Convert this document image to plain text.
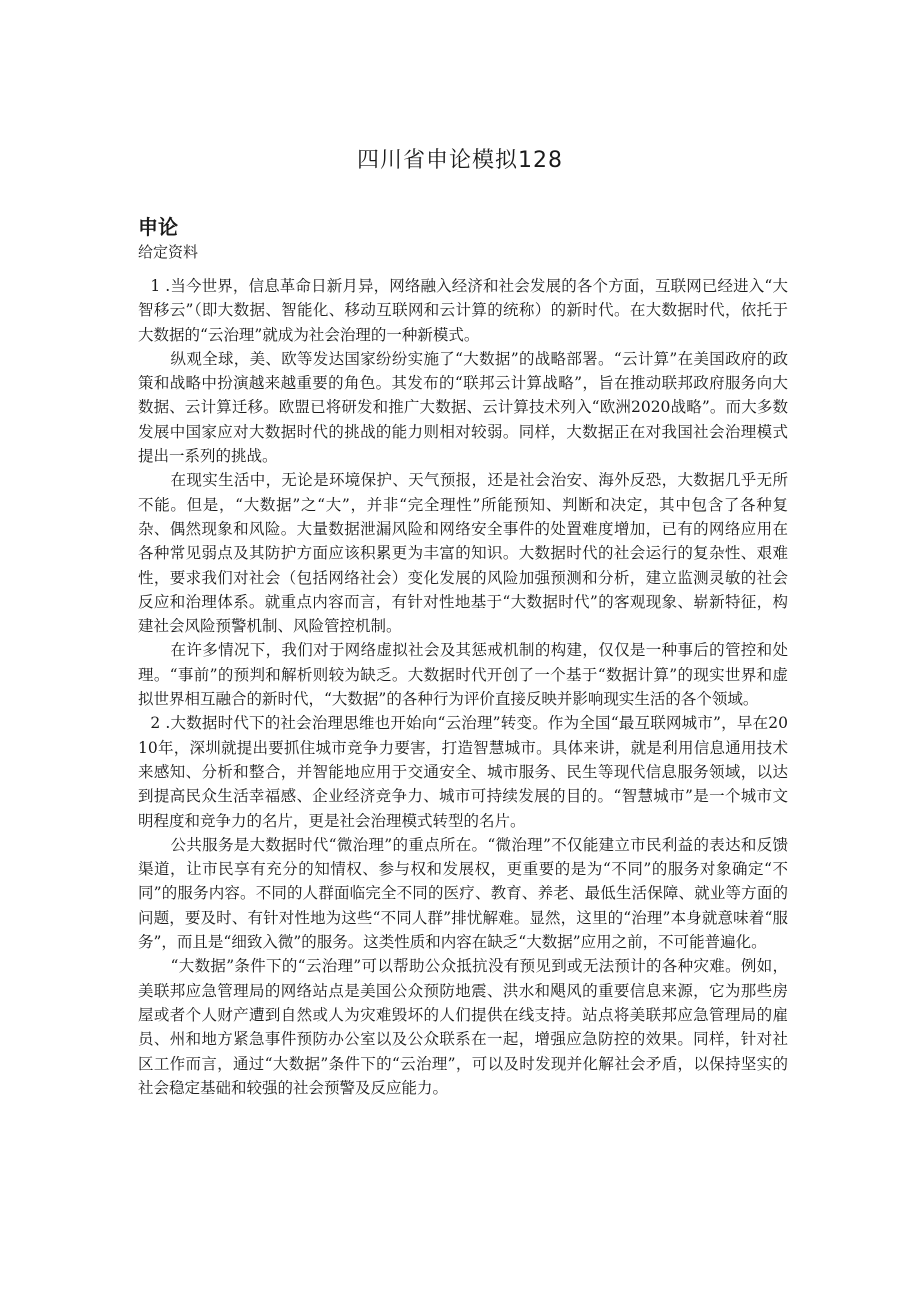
四川省申论模拟128
申论
给定资料

1 .当今世界，信息革命日新月异，网络融入经济和社会发展的各个方面，互联网已经进入“大智移云”（即大数据、智能化、移动互联网和云计算的统称）的新时代。在大数据时代，依托于大数据的“云治理”就成为社会治理的一种新模式。

纵观全球，美、欧等发达国家纷纷实施了“大数据”的战略部署。“云计算”在美国政府的政策和战略中扮演越来越重要的角色。其发布的“联邦云计算战略”，旨在推动联邦政府服务向大数据、云计算迁移。欧盟已将研发和推广大数据、云计算技术列入“欧洲2020战略”。而大多数发展中国家应对大数据时代的挑战的能力则相对较弱。同样，大数据正在对我国社会治理模式提出一系列的挑战。

在现实生活中，无论是环境保护、天气预报，还是社会治安、海外反恐，大数据几乎无所不能。但是，“大数据”之“大”，并非“完全理性”所能预知、判断和决定，其中包含了各种复杂、偶然现象和风险。大量数据泄漏风险和网络安全事件的处置难度增加，已有的网络应用在各种常见弱点及其防护方面应该积累更为丰富的知识。大数据时代的社会运行的复杂性、艰难性，要求我们对社会（包括网络社会）变化发展的风险加强预测和分析，建立监测灵敏的社会反应和治理体系。就重点内容而言，有针对性地基于“大数据时代”的客观现象、崭新特征，构建社会风险预警机制、风险管控机制。

在许多情况下，我们对于网络虚拟社会及其惩戒机制的构建，仅仅是一种事后的管控和处理。“事前”的预判和解析则较为缺乏。大数据时代开创了一个基于“数据计算”的现实世界和虚拟世界相互融合的新时代，“大数据”的各种行为评价直接反映并影响现实生活的各个领域。

2 .大数据时代下的社会治理思维也开始向“云治理”转变。作为全国“最互联网城市”，早在2010年，深圳就提出要抓住城市竞争力要害，打造智慧城市。具体来讲，就是利用信息通用技术来感知、分析和整合，并智能地应用于交通安全、城市服务、民生等现代信息服务领域，以达到提高民众生活幸福感、企业经济竞争力、城市可持续发展的目的。“智慧城市”是一个城市文明程度和竞争力的名片，更是社会治理模式转型的名片。

公共服务是大数据时代“微治理”的重点所在。“微治理”不仅能建立市民利益的表达和反馈渠道，让市民享有充分的知情权、参与权和发展权，更重要的是为“不同”的服务对象确定“不同”的服务内容。不同的人群面临完全不同的医疗、教育、养老、最低生活保障、就业等方面的问题，要及时、有针对性地为这些“不同人群”排忧解难。显然，这里的“治理”本身就意味着“服务”，而且是“细致入微”的服务。这类性质和内容在缺乏“大数据”应用之前，不可能普遍化。

“大数据”条件下的“云治理”可以帮助公众抵抗没有预见到或无法预计的各种灾难。例如，美联邦应急管理局的网络站点是美国公众预防地震、洪水和飓风的重要信息来源，它为那些房屋或者个人财产遭到自然或人为灾难毁坏的人们提供在线支持。站点将美联邦应急管理局的雇员、州和地方紧急事件预防办公室以及公众联系在一起，增强应急防控的效果。同样，针对社区工作而言，通过“大数据”条件下的“云治理”，可以及时发现并化解社会矛盾，以保持坚实的社会稳定基础和较强的社会预警及反应能力。
